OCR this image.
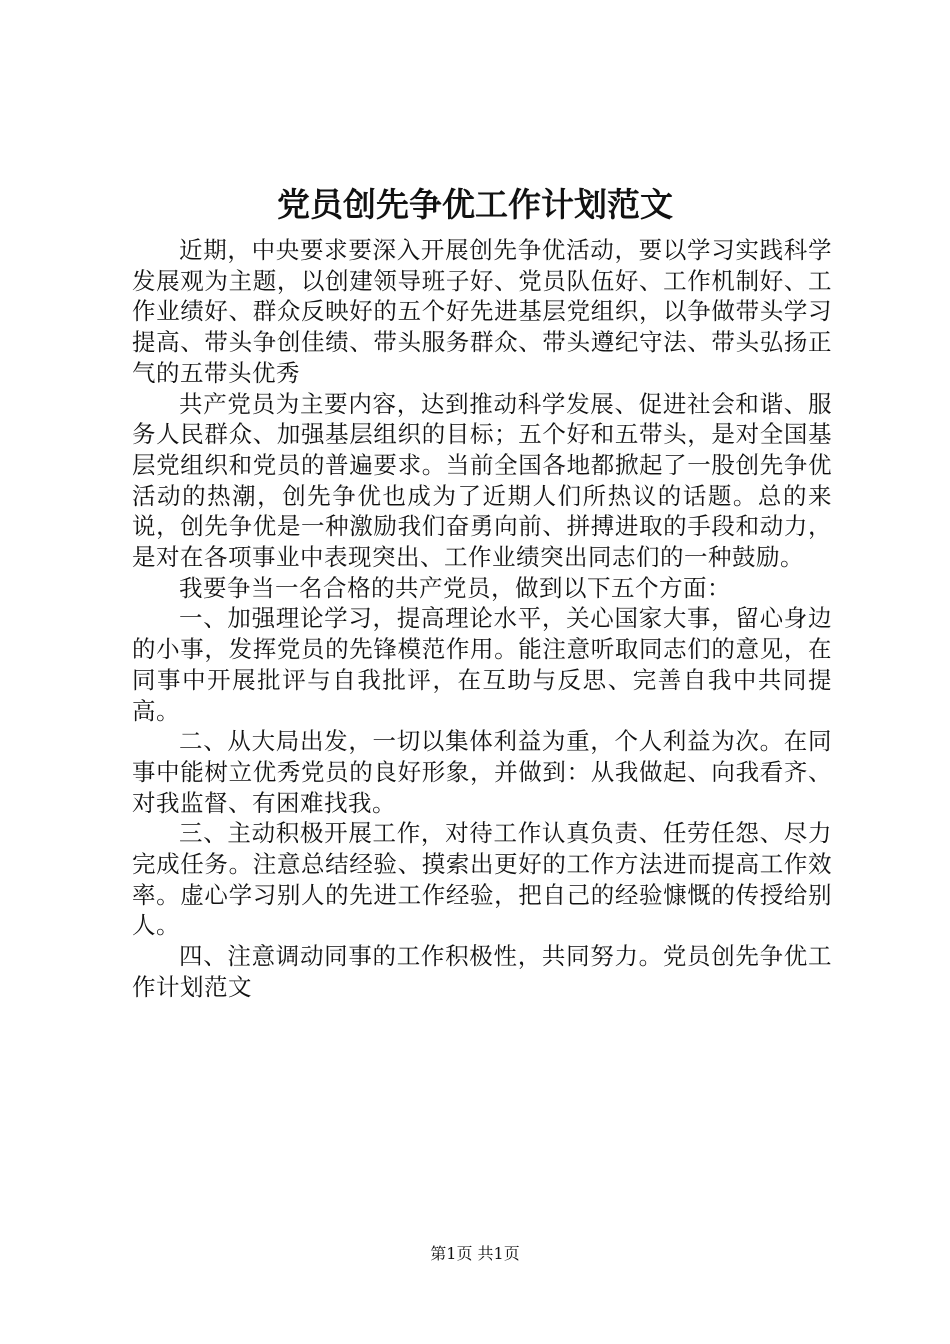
党员创先争优工作计划范文

近期，中央要求要深入开展创先争优活动，要以学习实践科学发展观为主题，以创建领导班子好、党员队伍好、工作机制好、工作业绩好、群众反映好的五个好先进基层党组织，以争做带头学习提高、带头争创佳绩、带头服务群众、带头遵纪守法、带头弘扬正气的五带头优秀

共产党员为主要内容，达到推动科学发展、促进社会和谐、服务人民群众、加强基层组织的目标；五个好和五带头，是对全国基层党组织和党员的普遍要求。当前全国各地都掀起了一股创先争优活动的热潮，创先争优也成为了近期人们所热议的话题。总的来说，创先争优是一种激励我们奋勇向前、拼搏进取的手段和动力，是对在各项事业中表现突出、工作业绩突出同志们的一种鼓励。

我要争当一名合格的共产党员，做到以下五个方面：

一、加强理论学习，提高理论水平，关心国家大事，留心身边的小事，发挥党员的先锋模范作用。能注意听取同志们的意见，在同事中开展批评与自我批评，在互助与反思、完善自我中共同提高。

二、从大局出发，一切以集体利益为重，个人利益为次。在同事中能树立优秀党员的良好形象，并做到：从我做起、向我看齐、对我监督、有困难找我。

三、主动积极开展工作，对待工作认真负责、任劳任怨、尽力完成任务。注意总结经验、摸索出更好的工作方法进而提高工作效率。虚心学习别人的先进工作经验，把自己的经验慷慨的传授给别人。

四、注意调动同事的工作积极性，共同努力。党员创先争优工作计划范文

第1页 共1页
